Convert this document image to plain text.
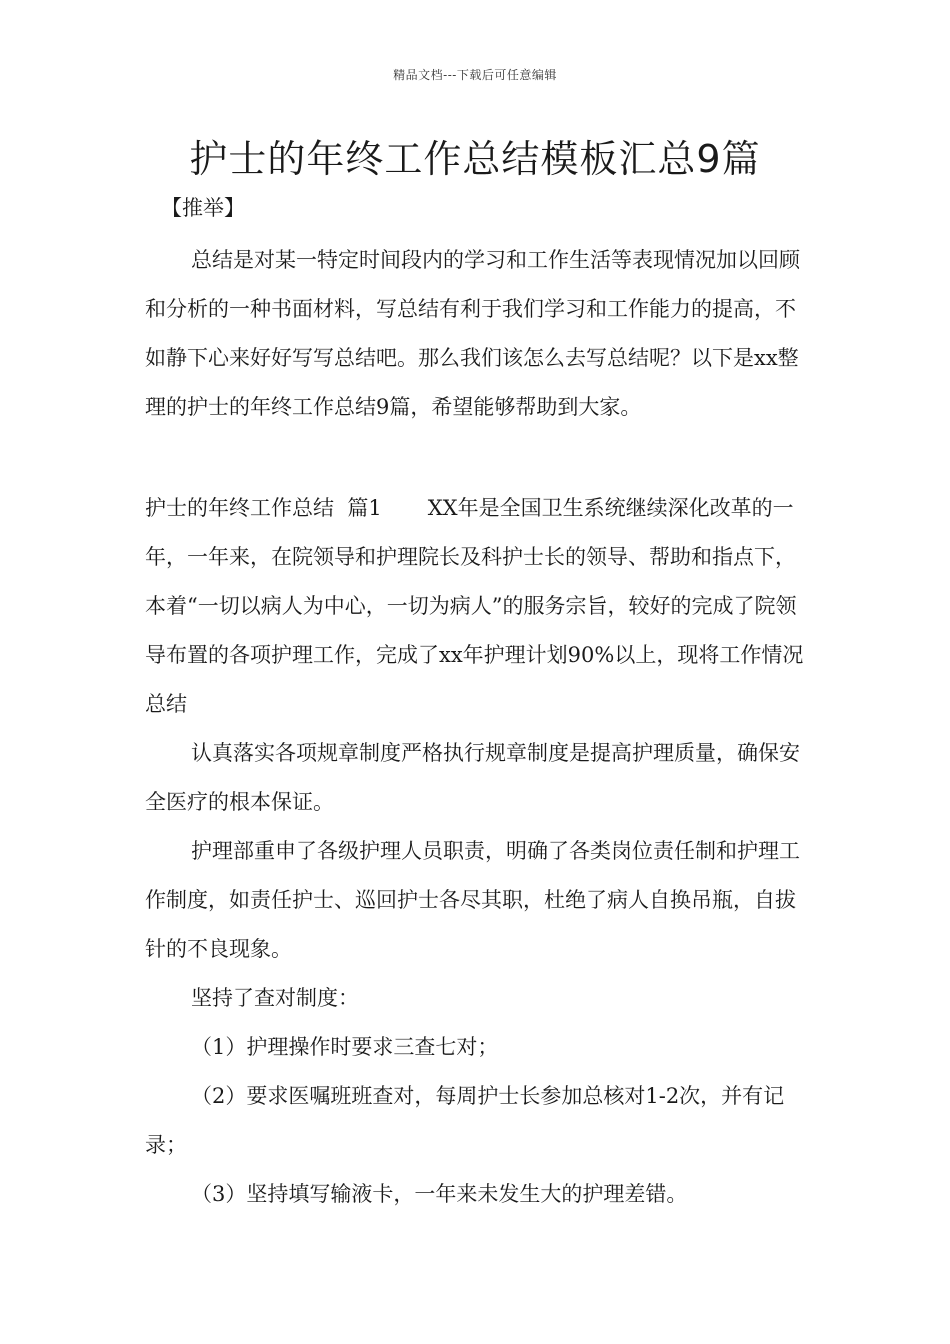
精品文档---下载后可任意编辑
护士的年终工作总结模板汇总9篇

【推举】

总结是对某一特定时间段内的学习和工作生活等表现情况加以回顾和分析的一种书面材料，写总结有利于我们学习和工作能力的提高，不如静下心来好好写写总结吧。那么我们该怎么去写总结呢？以下是xx整理的护士的年终工作总结9篇，希望能够帮助到大家。

护士的年终工作总结  篇1 XX年是全国卫生系统继续深化改革的一年，一年来，在院领导和护理院长及科护士长的领导、帮助和指点下，本着“一切以病人为中心，一切为病人”的服务宗旨，较好的完成了院领导布置的各项护理工作，完成了xx年护理计划90%以上，现将工作情况总结

认真落实各项规章制度严格执行规章制度是提高护理质量，确保安全医疗的根本保证。

护理部重申了各级护理人员职责，明确了各类岗位责任制和护理工作制度，如责任护士、巡回护士各尽其职，杜绝了病人自换吊瓶，自拔针的不良现象。

坚持了查对制度：

（1）护理操作时要求三查七对；

（2）要求医嘱班班查对，每周护士长参加总核对1-2次，并有记录；

（3）坚持填写输液卡，一年来未发生大的护理差错。
